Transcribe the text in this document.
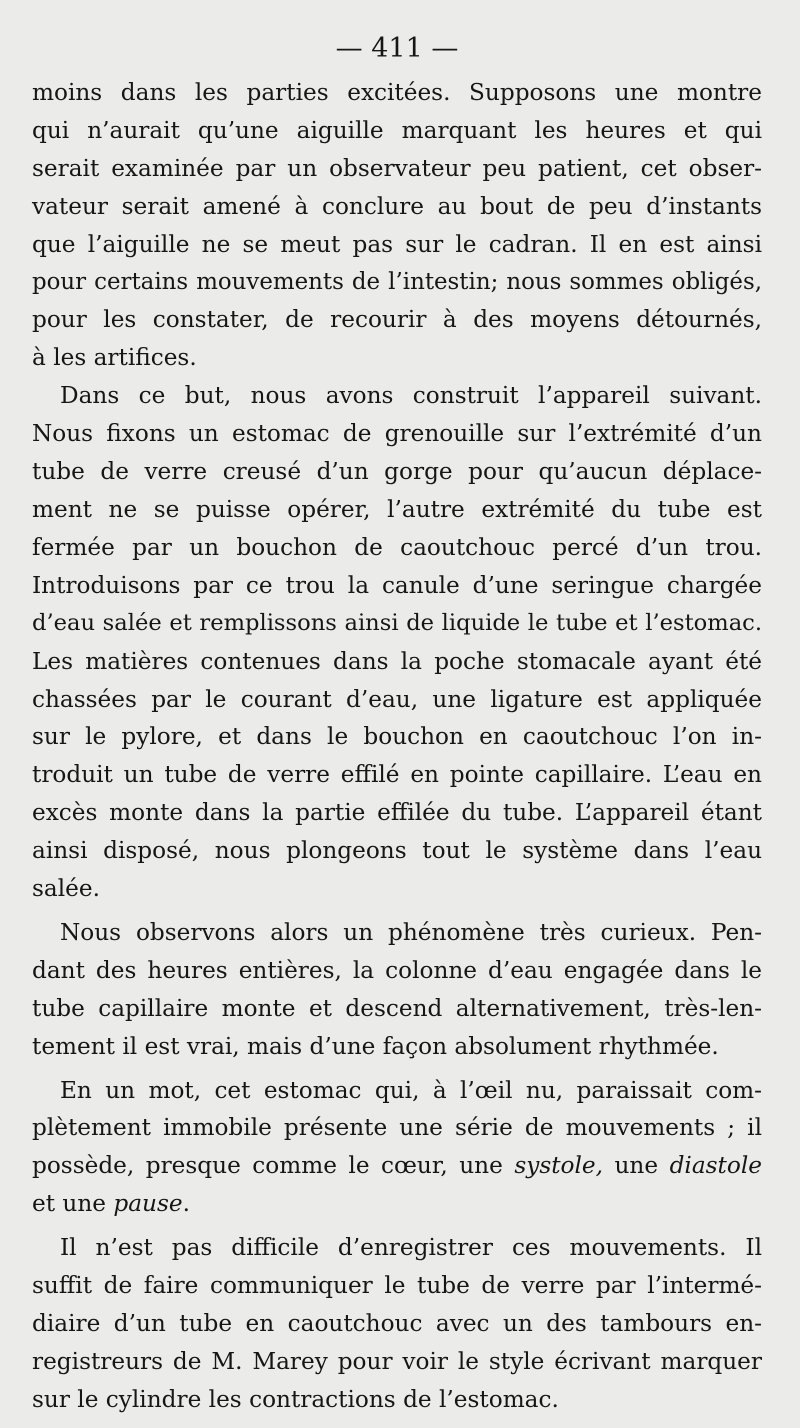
— 411 —
moins dans les parties excitées. Supposons une montre
qui n’aurait qu’une aiguille marquant les heures et qui
serait examinée par un observateur peu patient, cet obser-
vateur serait amené à conclure au bout de peu d’instants
que l’aiguille ne se meut pas sur le cadran. Il en est ainsi
pour certains mouvements de l’intestin; nous sommes obligés,
pour les constater, de recourir à des moyens détournés,
à les artifices.
Dans ce but, nous avons construit l’appareil suivant.
Nous fixons un estomac de grenouille sur l’extrémité d’un
tube de verre creusé d’un gorge pour qu’aucun déplace-
ment ne se puisse opérer, l’autre extrémité du tube est
fermée par un bouchon de caoutchouc percé d’un trou.
Introduisons par ce trou la canule d’une seringue chargée
d’eau salée et remplissons ainsi de liquide le tube et l’estomac.
Les matières contenues dans la poche stomacale ayant été
chassées par le courant d’eau, une ligature est appliquée
sur le pylore, et dans le bouchon en caoutchouc l’on in-
troduit un tube de verre effilé en pointe capillaire. L’eau en
excès monte dans la partie effilée du tube. L’appareil étant
ainsi disposé, nous plongeons tout le système dans l’eau
salée.
Nous observons alors un phénomène très curieux. Pen-
dant des heures entières, la colonne d’eau engagée dans le
tube capillaire monte et descend alternativement, très-len-
tement il est vrai, mais d’une façon absolument rhythmée.
En un mot, cet estomac qui, à l’œil nu, paraissait com-
plètement immobile présente une série de mouvements ; il
possède, presque comme le cœur, une systole, une diastole
et une pause.
Il n’est pas difficile d’enregistrer ces mouvements. Il
suffit de faire communiquer le tube de verre par l’intermé-
diaire d’un tube en caoutchouc avec un des tambours en-
registreurs de M. Marey pour voir le style écrivant marquer
sur le cylindre les contractions de l’estomac.
